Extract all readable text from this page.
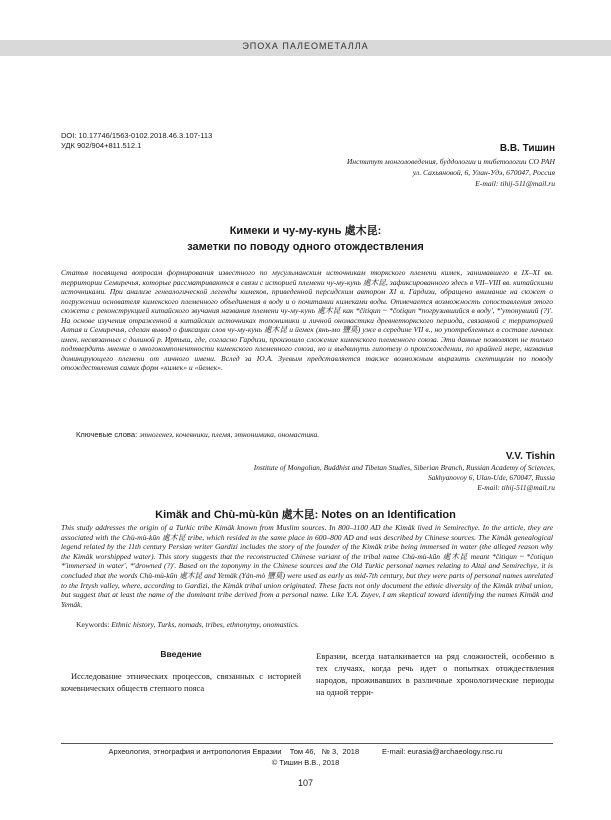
ЭПОХА ПАЛЕОМЕТАЛЛА
DOI: 10.17746/1563-0102.2018.46.3.107-113
УДК 902/904+811.512.1	В.В. Тишин
Институт монголоведения, буддологии и тибетологии СО РАН
ул. Сахьяновой, 6, Улан-Удэ, 670047, Россия
E-mail: tihij-511@mail.ru
Кимеки и чу-му-кунь 處木昆:
заметки по поводу одного отождествления
Статья посвящена вопросам формирования известного по мусульманским источникам тюркского племени кимек, занимавшего в IX–XI вв. территории Семиречья, которые рассматриваются в связи с историей племени чу-му-кунь 處木昆, зафиксированного здесь в VII–VIII вв. китайскими источниками. При анализе генеалогической легенды кимеков, приведенной персидским автором XI в. Гардизи, обращено внимание на сюжет о погружении основателя кимекского племенного объединения в воду и о почитании кимеками воды. Отмечается возможность сопоставления этого сюжета с реконструкцией китайского звучания названия племени чу-му-кунь 處木昆 как *čitiqun ~ *čotiqun *погрузившийся в воду', *'утонувший (?)'. На основе изучения отраженной в китайских источниках топонимики и личной ономастики древнетюркского периода, связанной с территорией Алтая и Семиречья, сделан вывод о фиксации слов чу-му-кунь 處木昆 и йемек (янь-мо 鹽莫) уже в середине VII в., но употребленных в составе личных имен, несвязанных с долиной р. Иртыш, где, согласно Гардизи, произошло сложение кимекского племенного союза. Эти данные позволяют не только подтвердить мнение о многокомпонентности кимекского племенного союза, но и выдвинуть гипотезу о происхождении, по крайней мере, названия доминирующего племени от личного имени. Вслед за Ю.А. Зуевым представляется также возможным выразить скептицизм по поводу отождествления самих форм «кимек» и «йемек».
Ключевые слова: этногенез, кочевники, племя, этнонимика, ономастика.
V.V. Tishin
Institute of Mongolian, Buddhist and Tibetan Studies, Siberian Branch, Russian Academy of Sciences,
Sakhyanovoy 6, Ulan-Ude, 670047, Russia
E-mail: tihij-511@mail.ru
Kimäk and Chù-mù-kūn 處木昆: Notes on an Identification
This study addresses the origin of a Turkic tribe Kimäk known from Muslim sources. In 800–1100 AD the Kimäk lived in Semirechye. In the article, they are associated with the Chù-mù-kūn 處木昆 tribe, which resided in the same place in 600–800 AD and was described by Chinese sources. The Kimäk genealogical legend related by the 11th century Persian writer Gardizi includes the story of the founder of the Kimäk tribe being immersed in water (the alleged reason why the Kimäk worshipped water). This story suggests that the reconstructed Chinese variant of the tribal name Chù-mù-kūn 處木昆 meant *čitiqun ~ *čotiqun *'immersed in water', *'drowned (?)'. Based on the toponymy in the Chinese sources and the Old Turkic personal names relating to Altai and Semirechye, it is concluded that the words Chù-mù-kūn 處木昆 and Yemäk (Yán-mò 鹽莫) were used as early as mid-7th century, but they were parts of personal names unrelated to the Irtysh valley, where, according to Gardizi, the Kimäk tribal union originated. These facts not only document the ethnic diversity of the Kimäk tribal union, but suggest that at least the name of the dominant tribe derived from a personal name. Like Y.A. Zuyev, I am skeptical toward identifying the names Kimäk and Yemäk.
Keywords: Ethnic history, Turks, nomads, tribes, ethnonymy, onomastics.
Введение

Исследование этнических процессов, связанных с историей кочевнических обществ степного пояса

Евразии, всегда наталкивается на ряд сложностей, особенно в тех случаях, когда речь идет о попытках отождествления народов, проживавших в различные хронологические периоды на одной терри-
Археология, этнография и антропология Евразии Том 46, № 3, 2018	E-mail: eurasia@archaeology.nsc.ru
© Тишин В.В., 2018
107
